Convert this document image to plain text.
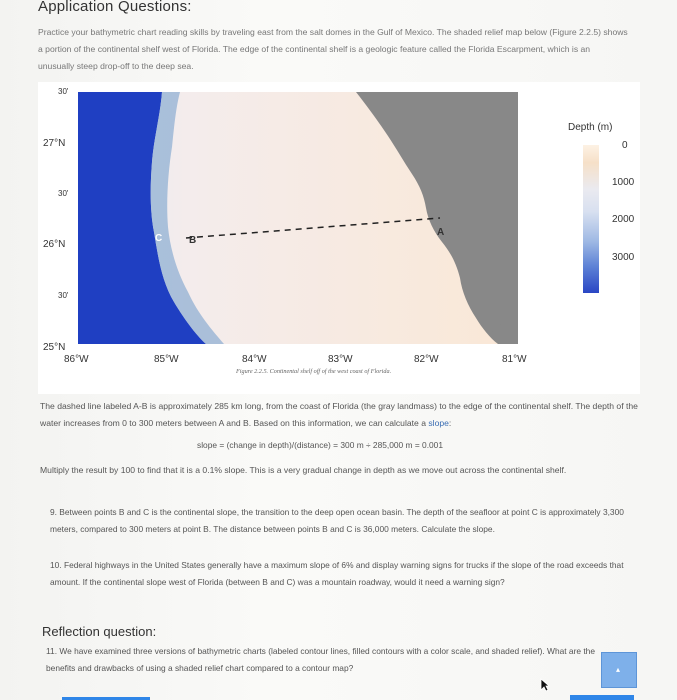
Application Questions:
Practice your bathymetric chart reading skills by traveling east from the salt domes in the Gulf of Mexico. The shaded relief map below (Figure 2.2.5) shows a portion of the continental shelf west of Florida. The edge of the continental shelf is a geologic feature called the Florida Escarpment, which is an unusually steep drop-off to the deep sea.
C	B
A
30'
27°N
30'
26°N
30'
25°N
86°W	85°W	84°W	83°W	82°W	81°W
Figure 2.2.5. Continental shelf off of the west coast of Florida.
Depth (m)
0
1000
2000
3000
The dashed line labeled A-B is approximately 285 km long, from the coast of Florida (the gray landmass) to the edge of the continental shelf. The depth of the water increases from 0 to 300 meters between A and B. Based on this information, we can calculate a slope:
slope = (change in depth)/(distance) = 300 m ÷ 285,000 m = 0.001
Multiply the result by 100 to find that it is a 0.1% slope. This is a very gradual change in depth as we move out across the continental shelf.
9. Between points B and C is the continental slope, the transition to the deep open ocean basin. The depth of the seafloor at point C is approximately 3,300 meters, compared to 300 meters at point B. The distance between points B and C is 36,000 meters. Calculate the slope.
10. Federal highways in the United States generally have a maximum slope of 6% and display warning signs for trucks if the slope of the road exceeds that amount. If the continental slope west of Florida (between B and C) was a mountain roadway, would it need a warning sign?
Reflection question:
11. We have examined three versions of bathymetric charts (labeled contour lines, filled contours with a color scale, and shaded relief). What are the benefits and drawbacks of using a shaded relief chart compared to a contour map?	▴
